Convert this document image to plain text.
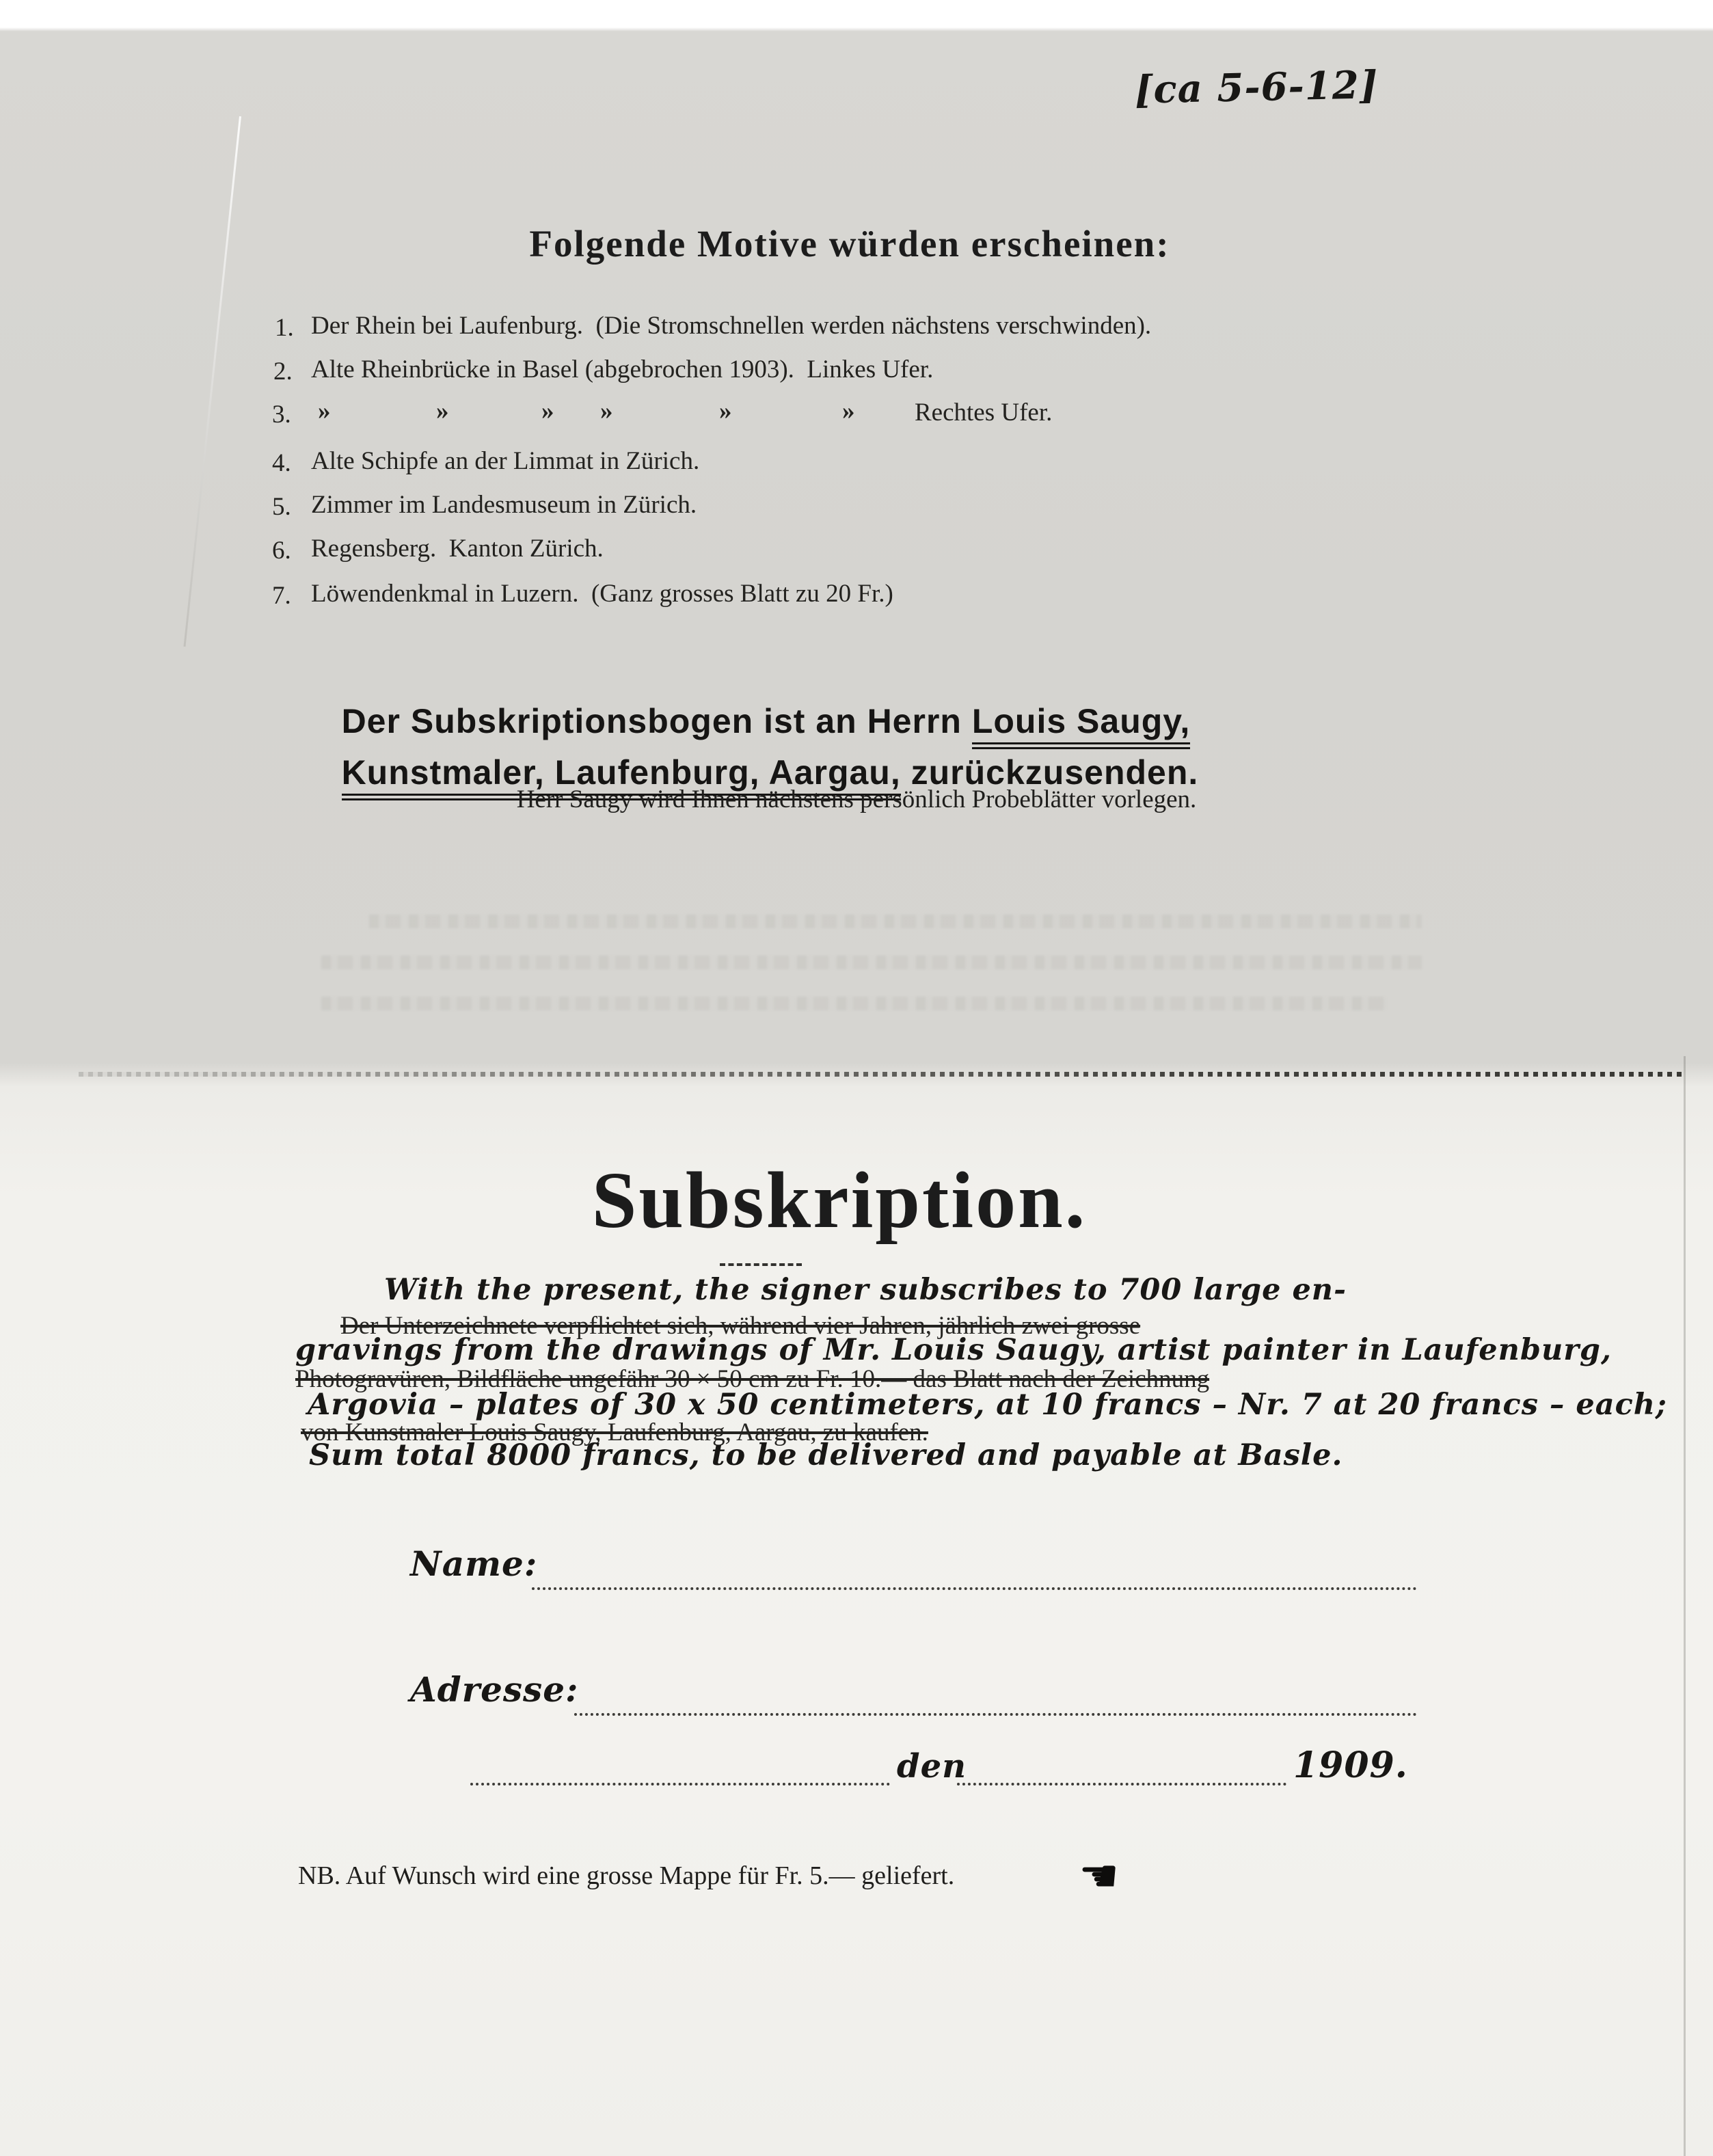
[ca 5-6-12]
Folgende Motive würden erscheinen:
1. Der Rhein bei Laufenburg.  (Die Stromschnellen werden nächstens verschwinden).
2. Alte Rheinbrücke in Basel (abgebrochen 1903).  Linkes Ufer.
3. »	»	» »	»	» Rechtes Ufer.
4. Alte Schipfe an der Limmat in Zürich.
5. Zimmer im Landesmuseum in Zürich.
6. Regensberg.  Kanton Zürich.
7. Löwendenkmal in Luzern.  (Ganz grosses Blatt zu 20 Fr.)

Der Subskriptionsbogen ist an Herrn Louis Saugy,

Kunstmaler, Laufenburg, Aargau, zurückzusenden.

Herr Saugy wird Ihnen nächstens persönlich Probeblätter vorlegen.
Subskription.
With the present, the signer subscribes to 700 large en-
Der Unterzeichnete verpflichtet sich, während vier Jahren, jährlich zwei grosse
gravings from the drawings of Mr. Louis Saugy, artist painter in Laufenburg,
Photogravüren, Bildfläche ungefähr 30 × 50 cm zu Fr. 10.— das Blatt nach der Zeichnung
Argovia – plates of 30 x 50 centimeters, at 10 francs – Nr. 7 at 20 francs – each;
von Kunstmaler Louis Saugy, Laufenburg, Aargau, zu kaufen.
Sum total 8000 francs, to be delivered and payable at Basle.
Name:
Adresse:
den	1909.
NB. Auf Wunsch wird eine grosse Mappe für Fr. 5.— geliefert.	☚
